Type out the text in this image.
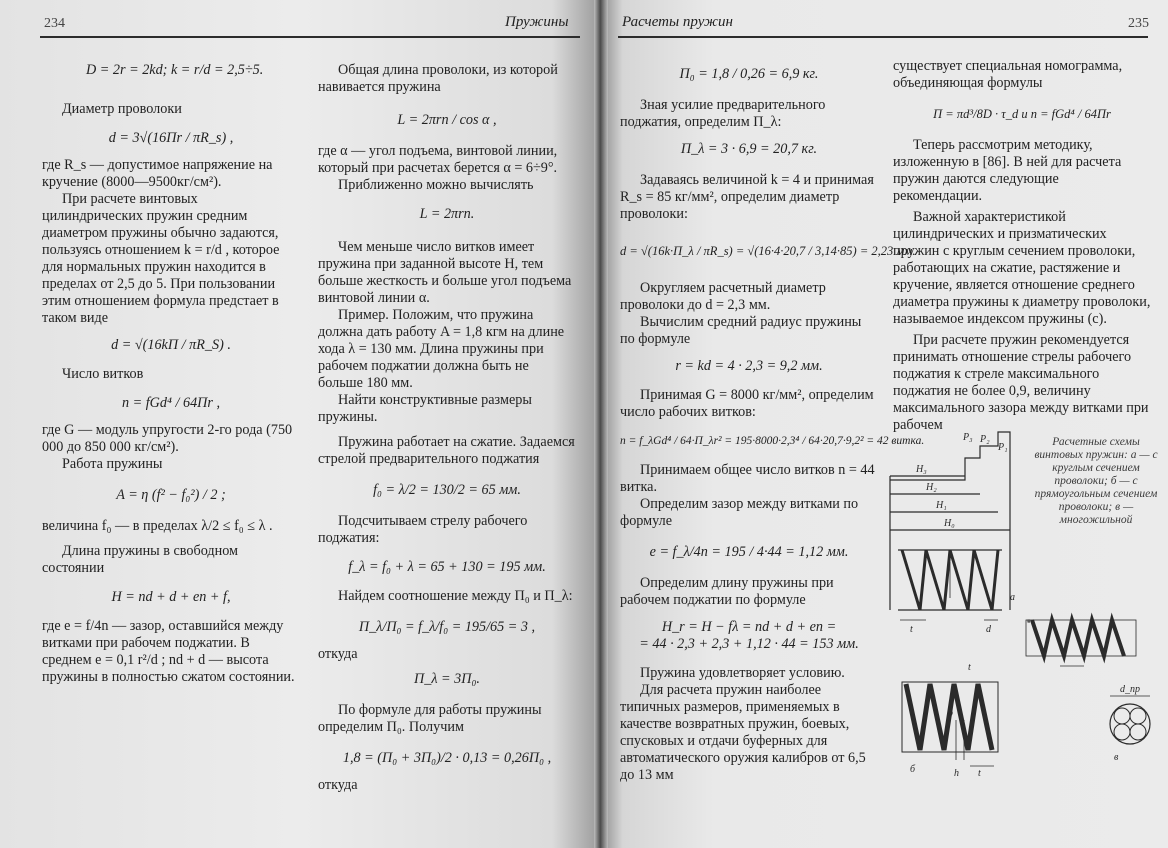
234	Пружины

D = 2r = 2kd; k = r/d = 2,5÷5.

Диаметр проволоки

d = 3√(16Пr / πR_s) ,

где R_s — допустимое напряжение на кручение (8000—9500кг/см²).

При расчете винтовых цилиндрических пружин средним диаметром пружины обычно задаются, пользуясь отношением k = r/d , которое для нормальных пружин находится в пределах от 2,5 до 5. При пользовании этим отношением формула предстает в таком виде

d = √(16kП / πR_S) .

Число витков

n = fGd⁴ / 64Пr ,

где G — модуль упругости 2-го рода (750 000 до 850 000 кг/см²).

Работа пружины

A = η (f² − f₀²) / 2 ;

величина f₀ — в пределах λ/2 ≤ f₀ ≤ λ .

Длина пружины в свободном состоянии

H = nd + d + en + f,

где e = f/4n — зазор, оставшийся между витками при рабочем поджатии. В среднем e = 0,1 r²/d ; nd + d — высота пружины в полностью сжатом состоянии.

Общая длина проволоки, из которой навивается пружина

L = 2πrn / cos α ,

где α — угол подъема, винтовой линии, который при расчетах берется α = 6÷9°.

Приближенно можно вычислять

L = 2πrn.

Чем меньше число витков имеет пружина при заданной высоте H, тем больше жесткость и больше угол подъема винтовой линии α.

Пример. Положим, что пружина должна дать работу A = 1,8 кгм на длине хода λ = 130 мм. Длина пружины при рабочем поджатии должна быть не больше 180 мм.

Найти конструктивные размеры пружины.

Пружина работает на сжатие. Задаемся стрелой предварительного поджатия

f₀ = λ/2 = 130/2 = 65 мм.

Подсчитываем стрелу рабочего поджатия:

f_λ = f₀ + λ = 65 + 130 = 195 мм.

Найдем соотношение между П₀ и П_λ:

П_λ/П₀ = f_λ/f₀ = 195/65 = 3 ,

откуда

П_λ = 3П₀.

По формуле для работы пружины определим П₀. Получим

1,8 = (П₀ + 3П₀)/2 · 0,13 = 0,26П₀ ,

откуда

Расчеты пружин	235

П₀ = 1,8 / 0,26 = 6,9 кг.

Зная усилие предварительного поджатия, определим П_λ:

П_λ = 3 · 6,9 = 20,7 кг.

Задаваясь величиной k = 4 и принимая R_s = 85 кг/мм², определим диаметр проволоки:

d = √(16k·П_λ / πR_s) = √(16·4·20,7 / 3,14·85) = 2,23 мм.

Округляем расчетный диаметр проволоки до d = 2,3 мм.

Вычислим средний радиус пружины по формуле

r = kd = 4 · 2,3 = 9,2 мм.

Принимая G = 8000 кг/мм², определим число рабочих витков:

n = f_λGd⁴ / 64·П_λr² = 195·8000·2,3⁴ / 64·20,7·9,2² = 42 витка.

Принимаем общее число витков n = 44 витка.

Определим зазор между витками по формуле

e = f_λ/4n = 195 / 4·44 = 1,12 мм.

Определим длину пружины при рабочем поджатии по формуле

H_r = H − fλ = nd + d + en =

= 44 · 2,3 + 2,3 + 1,12 · 44 = 153 мм.

Пружина удовлетворяет условию.

Для расчета пружин наиболее типичных размеров, применяемых в качестве возвратных пружин, боевых, спусковых и отдачи буферных для автоматического оружия калибров от 6,5 до 13 мм

существует специальная номограмма, объединяющая формулы

П = πd³/8D · τ_d и n = fGd⁴ / 64Пr

Теперь рассмотрим методику, изложенную в [86]. В ней для расчета пружин даются следующие рекомендации.

Важной характеристикой цилиндрических и призматических пружин с круглым сечением проволоки, работающих на сжатие, растяжение и кручение, является отношение среднего диаметра пружины к диаметру проволоки, называемое индексом пружины (с).

При расчете пружин рекомендуется принимать отношение стрелы рабочего поджатия к стреле максимального поджатия не более 0,9, величину максимального зазора между витками при рабочем

P₃ P₂
P₁
H₃
H₂
H₁
H₀
t	d
a
t
б
b
h t
в
d_пр
Расчетные схемы винтовых пружин: а — с круглым сечением проволоки; б — с прямоугольным сечением проволоки; в — многожильной
